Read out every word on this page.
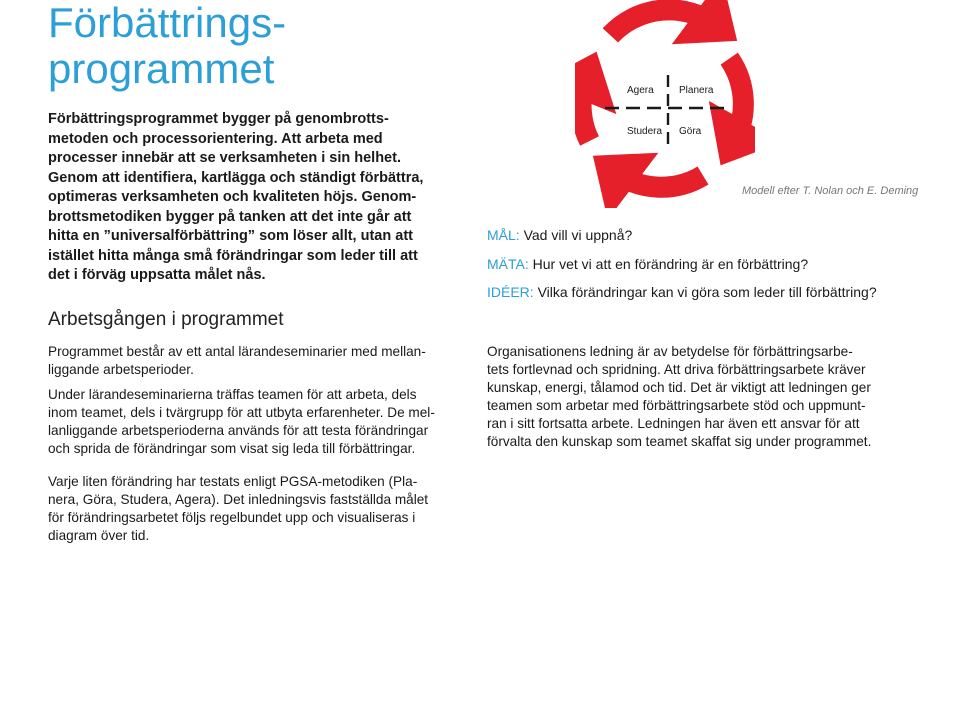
Förbättrings-
programmet

Förbättringsprogrammet bygger på genombrotts-
metoden och processorientering. Att arbeta med
processer innebär att se verksamheten i sin helhet.
Genom att identifiera, kartlägga och ständigt förbättra,
optimeras verksamheten och kvaliteten höjs. Genom-
brottsmetodiken bygger på tanken att det inte går att
hitta en ”universalförbättring” som löser allt, utan att
istället hitta många små förändringar som leder till att
det i förväg uppsatta målet nås.

Arbetsgången i programmet

Programmet består av ett antal lärandeseminarier med mellan-
liggande arbetsperioder.

Under lärandeseminarierna träffas teamen för att arbeta, dels
inom teamet, dels i tvärgrupp för att utbyta erfarenheter. De mel-
lanliggande arbetsperioderna används för att testa förändringar
och sprida de förändringar som visat sig leda till förbättringar.

Varje liten förändring har testats enligt PGSA-metodiken (Pla-
nera, Göra, Studera, Agera). Det inledningsvis fastställda målet
för förändringsarbetet följs regelbundet upp och visualiseras i
diagram över tid.

Agera	Planera
Studera Göra
Modell efter T. Nolan och E. Deming
MÅL: Vad vill vi uppnå?
MÄTA: Hur vet vi att en förändring är en förbättring?
IDÉER: Vilka förändringar kan vi göra som leder till förbättring?

Organisationens ledning är av betydelse för förbättringsarbe-
tets fortlevnad och spridning. Att driva förbättringsarbete kräver
kunskap, energi, tålamod och tid. Det är viktigt att ledningen ger
teamen som arbetar med förbättringsarbete stöd och uppmunt-
ran i sitt fortsatta arbete. Ledningen har även ett ansvar för att
förvalta den kunskap som teamet skaffat sig under programmet.
